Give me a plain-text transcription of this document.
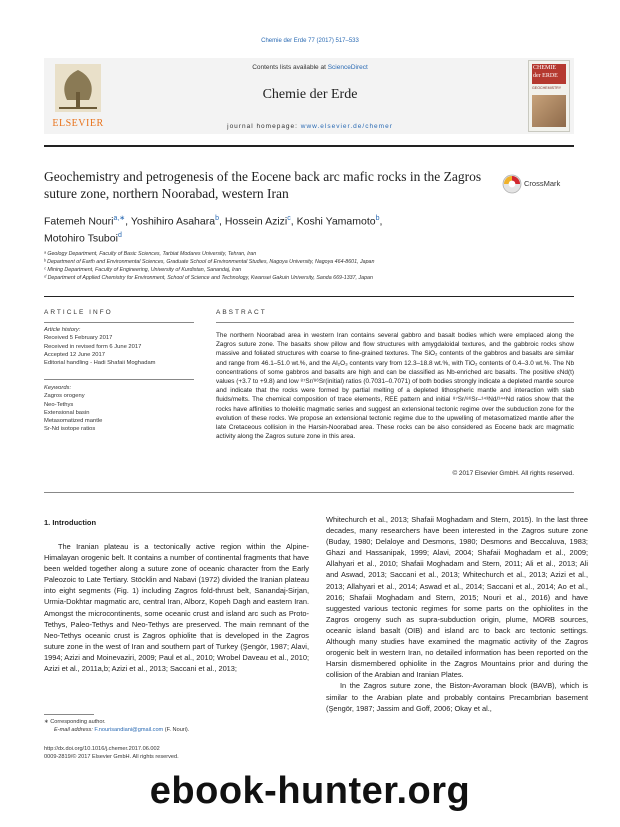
Chemie der Erde 77 (2017) 517–533
ELSEVIER
Contents lists available at ScienceDirect
Chemie der Erde
journal homepage: www.elsevier.de/chemer
CHEMIE
der ERDE
GEOCHEMISTRY
Geochemistry and petrogenesis of the Eocene back arc mafic rocks in the Zagros suture zone, northern Noorabad, western Iran
CrossMark
Fatemeh Nouri$^{a,∗}$, Yoshihiro Asahara$^b$, Hossein Azizi$^c$, Koshi Yamamoto$^b$,
Motohiro Tsuboi$^d$
ᵃ Geology Department, Faculty of Basic Sciences, Tarbiat Modares University, Tehran, Iran
ᵇ Department of Earth and Environmental Sciences, Graduate School of Environmental Studies, Nagoya University, Nagoya 464-8601, Japan
ᶜ Mining Department, Faculty of Engineering, University of Kurdistan, Sanandaj, Iran
ᵈ Department of Applied Chemistry for Environment, School of Science and Technology, Kwansei Gakuin University, Sanda 669-1337, Japan
ARTICLE INFO
Article history:
Received 5 February 2017
Received in revised form 6 June 2017
Accepted 12 June 2017
Editorial handling - Hadi Shafaii Moghadam
Keywords:
Zagros orogeny
Neo-Tethys
Extensional basin
Metasomatized mantle
Sr-Nd isotope ratios
ABSTRACT
The northern Noorabad area in western Iran contains several gabbro and basalt bodies which were emplaced along the Zagros suture zone. The basalts show pillow and flow structures with amygdaloidal textures, and the gabbroic rocks show massive and foliated structures with coarse to fine-grained textures. The SiO₂ contents of the gabbros and basalts are similar and range from 46.1–51.0 wt.%, and the Al₂O₃ contents vary from 12.3–18.8 wt.%, with TiO₂ contents of 0.4–3.0 wt.%. The Nb concentrations of some gabbros and basalts are high and can be classified as Nb-enriched arc basalts. The positive εNd(t) values (+3.7 to +9.8) and low ⁸⁷Sr/⁸⁶Sr(initial) ratios (0.7031–0.7071) of both bodies strongly indicate a depleted mantle source and indicate that the rocks were formed by partial melting of a depleted lithospheric mantle and interaction with slab fluids/melts. The chemical composition of trace elements, REE pattern and initial ⁸⁷Sr/⁸⁶Sr–¹⁴³Nd/¹⁴⁴Nd ratios show that the rocks have affinities to tholeiitic magmatic series and suggest an extensional tectonic regime over the subduction zone for the evolution of these rocks. We propose an extensional tectonic regime due to the upwelling of metasomatized mantle after the late Cretaceous collision in the Harsin-Noorabad area. These rocks can be also considered as Eocene back arc magmatic activity along the Zagros suture zone in this area.
© 2017 Elsevier GmbH. All rights reserved.
1. Introduction

The Iranian plateau is a tectonically active region within the Alpine-Himalayan orogenic belt. It contains a number of continental fragments that have been welded together along a suture zone of oceanic character from the Early Paleozoic to Late Tertiary. Stöcklin and Nabavi (1972) divided the Iranian plateau into eight segments (Fig. 1) including Zagros fold-thrust belt, Sanandaj-Sirjan, Urmia-Dokhtar magmatic arc, central Iran, Alborz, Kopeh Dagh and eastern Iran. Amongst the microcontinents, some oceanic crust and island arc such as Proto-Tethys, Paleo-Tethys and Neo-Tethys are preserved. The main remnant of the Neo-Tethys oceanic crust is Zagros ophiolite that is developed in the Zagros suture zone in the west of Iran and southern part of Turkey (Şengör, 1987; Alavi, 1994; Azizi and Moinevaziri, 2009; Paul et al., 2010; Wrobel Daveau et al., 2010; Azizi et al., 2011a,b; Azizi et al., 2013; Saccani et al., 2013;

Whitechurch et al., 2013; Shafaii Moghadam and Stern, 2015). In the last three decades, many researchers have been interested in the Zagros suture zone (Buday, 1980; Delaloye and Desmons, 1980; Desmons and Beccaluva, 1983; Ghazi and Hassanipak, 1999; Alavi, 2004; Shafaii Moghadam et al., 2009; Allahyari et al., 2010; Shafaii Moghadam and Stern, 2011; Ali et al., 2013; Ali and Aswad, 2013; Saccani et al., 2013; Whitechurch et al., 2013; Azizi et al., 2013; Allahyari et al., 2014; Aswad et al., 2014; Saccani et al., 2014; Ao et al., 2016; Shafaii Moghadam and Stern, 2015; Nouri et al., 2016) and have suggested various tectonic regimes for some parts on the ophiolites in the Zagros orogeny such as supra-subduction origin, plume, MORB sources, oceanic island basalt (OIB) and island arc to back arc tectonic settings. Although many studies have examined the magmatic activity of the Zagros orogenic belt in western Iran, no detailed information has been reported on the Harsin dismembered ophiolite in the Zagros Mountains prior and during the collision of the Arabian and Iranian Plates.

In the Zagros suture zone, the Biston-Avoraman block (BAVB), which is similar to the Arabian plate and probably contains Precambrian basement (Şengör, 1987; Jassim and Goff, 2006; Okay et al.,

∗ Corresponding author.
E-mail address: F.nourisandiani@gmail.com (F. Nouri).
http://dx.doi.org/10.1016/j.chemer.2017.06.002
0009-2819/© 2017 Elsevier GmbH. All rights reserved.
ebook-hunter.org
